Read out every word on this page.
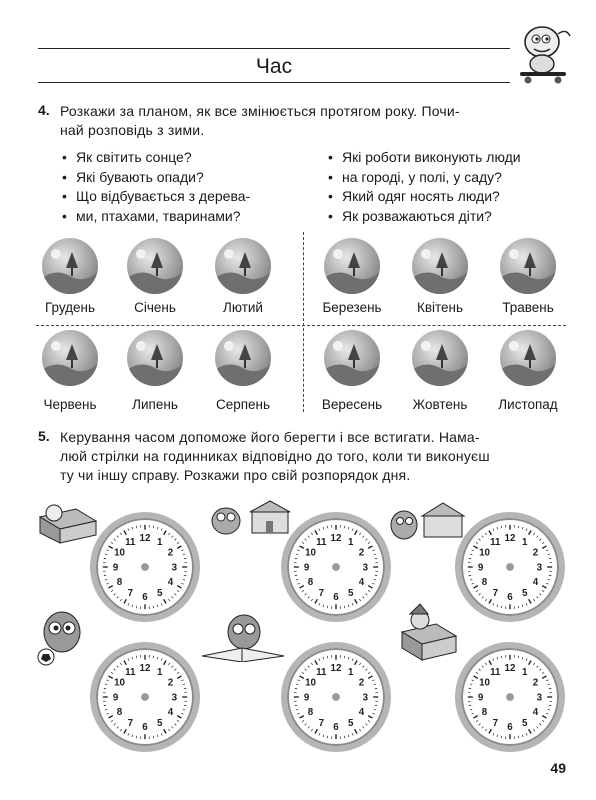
Час
4. Розкажи за планом, як все змінюється протягом року. Почи-
най розповідь з зими.
• Як світить сонце?
• Які бувають опади?
• Що відбувається з дерева-
• ми, птахами, тваринами?
• Які роботи виконують люди
• на городі, у полі, у саду?
• Який одяг носять люди?
• Як розважаються діти?
Грудень	Січень	Лютий	Березень	Квітень	Травень
Червень	Липень	Серпень	Вересень	Жовтень	Листопад
5. Керування часом допоможе його берегти і все встигати. Нама-
люй стрілки на годинниках відповідно до того, коли ти виконуєш
ту чи іншу справу. Розкажи про свій розпорядок дня.
12 1
2
3
4
5
6
7
8
9
10
11	12 1
2
3
4
5
6
7
8
9
10
11	12 1
2
3
4
5
6
7
8
9
10
11
12 1
2
3
4
5
6
7
8
9
10
11	12 1
2
3
4
5
6
7
8
9
10
11	12 1
2
3
4
5
6
7
8
9
10
11
49
